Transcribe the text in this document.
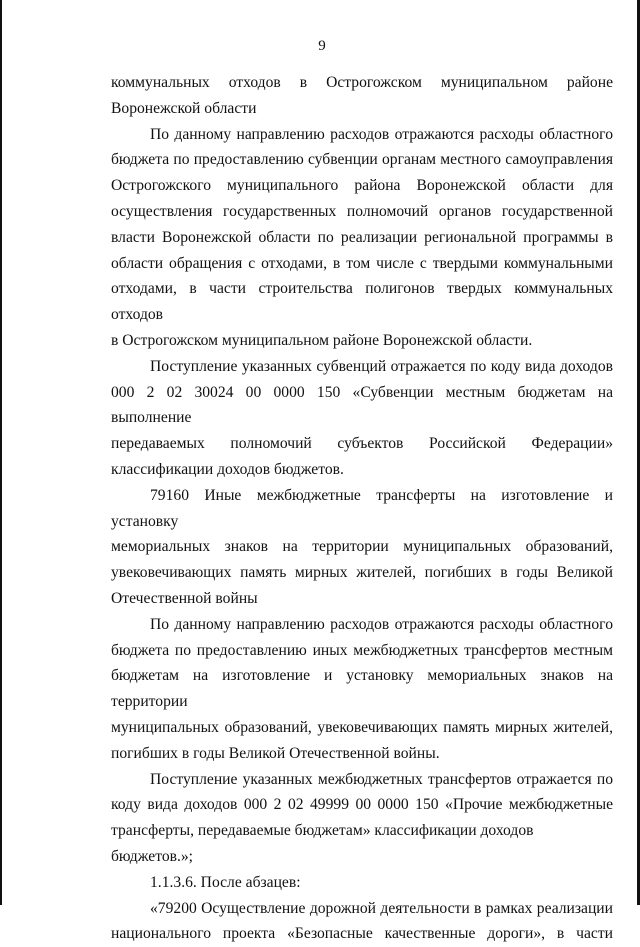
9

коммунальных отходов в Острогожском муниципальном районе
Воронежской области

По данному направлению расходов отражаются расходы областного
бюджета по предоставлению субвенции органам местного самоуправления
Острогожского муниципального района Воронежской области для
осуществления государственных полномочий органов государственной
власти Воронежской области по реализации региональной программы в
области обращения с отходами, в том числе с твердыми коммунальными
отходами, в части строительства полигонов твердых коммунальных отходов
в Острогожском муниципальном районе Воронежской области.

Поступление указанных субвенций отражается по коду вида доходов
000 2 02 30024 00 0000 150 «Субвенции местным бюджетам на выполнение
передаваемых полномочий субъектов Российской Федерации»
классификации доходов бюджетов.

79160 Иные межбюджетные трансферты на изготовление и установку
мемориальных знаков на территории муниципальных образований,
увековечивающих память мирных жителей, погибших в годы Великой
Отечественной войны

По данному направлению расходов отражаются расходы областного
бюджета по предоставлению иных межбюджетных трансфертов местным
бюджетам на изготовление и установку мемориальных знаков на территории
муниципальных образований, увековечивающих память мирных жителей,
погибших в годы Великой Отечественной войны.

Поступление указанных межбюджетных трансфертов отражается по
коду вида доходов 000 2 02 49999 00 0000 150 «Прочие межбюджетные
трансферты, передаваемые бюджетам» классификации доходов бюджетов.»;

1.1.3.6. После абзацев:

«79200 Осуществление дорожной деятельности в рамках реализации
национального проекта «Безопасные качественные дороги», в части
